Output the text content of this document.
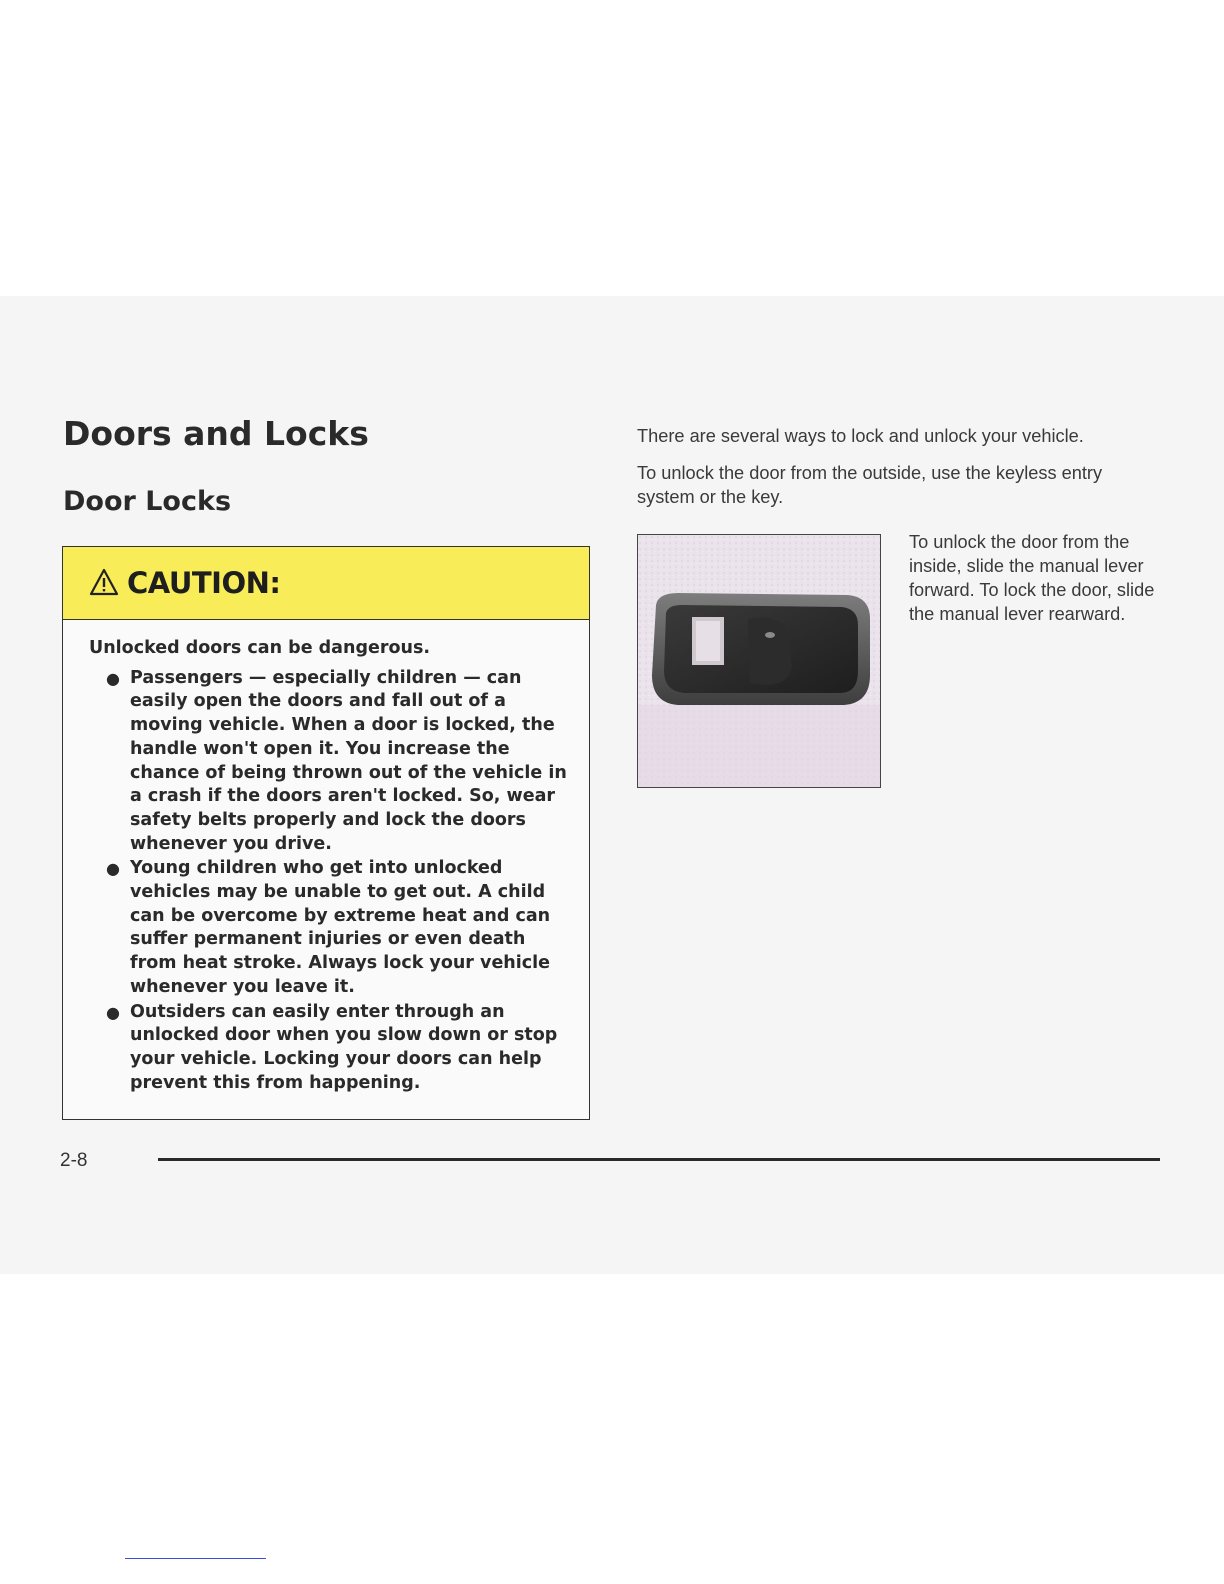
Doors and Locks
Door Locks
CAUTION:

Unlocked doors can be dangerous.

● Passengers — especially children — can easily open the doors and fall out of a moving vehicle. When a door is locked, the handle won't open it. You increase the chance of being thrown out of the vehicle in a crash if the doors aren't locked. So, wear safety belts properly and lock the doors whenever you drive.
● Young children who get into unlocked vehicles may be unable to get out. A child can be overcome by extreme heat and can suffer permanent injuries or even death from heat stroke. Always lock your vehicle whenever you leave it.
● Outsiders can easily enter through an unlocked door when you slow down or stop your vehicle. Locking your doors can help prevent this from happening.

There are several ways to lock and unlock your vehicle.

To unlock the door from the outside, use the keyless entry system or the key.

To unlock the door from the inside, slide the manual lever forward. To lock the door, slide the manual lever rearward.

2-8
